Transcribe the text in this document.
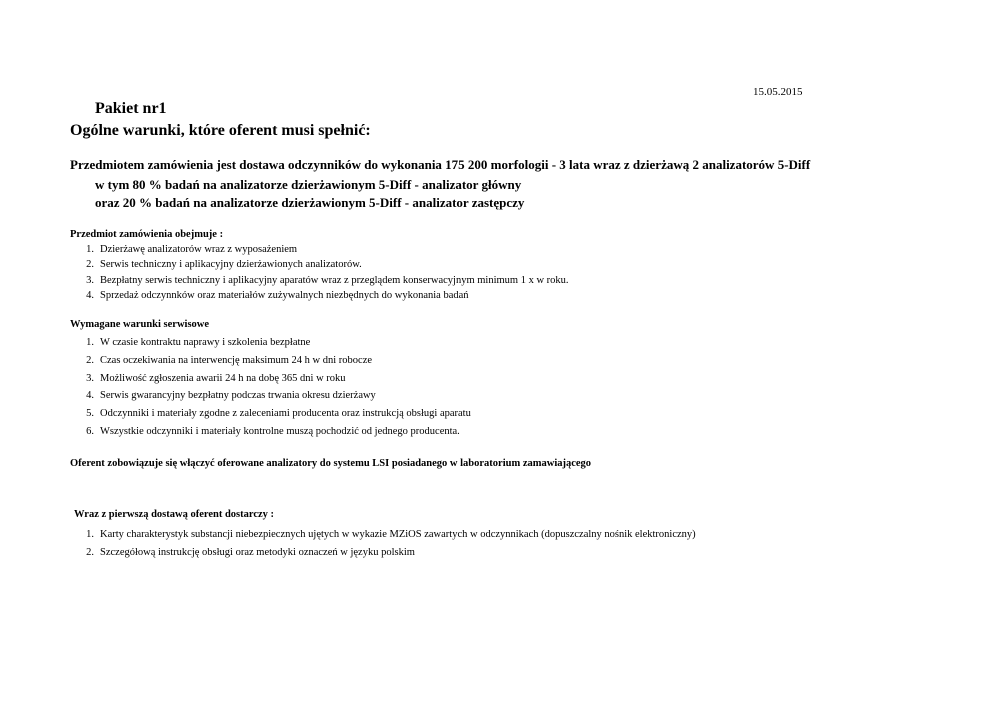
15.05.2015
Pakiet nr1
Ogólne warunki, które oferent musi spełnić:
Przedmiotem zamówienia jest dostawa odczynników do wykonania 175 200 morfologii - 3 lata wraz z dzierżawą 2 analizatorów 5-Diff
w tym 80 % badań na analizatorze dzierżawionym 5-Diff - analizator główny
oraz 20 % badań na analizatorze dzierżawionym 5-Diff - analizator zastępczy
Przedmiot zamówienia obejmuje :
1. Dzierżawę analizatorów wraz z wyposażeniem
2. Serwis techniczny i aplikacyjny dzierżawionych analizatorów.
3. Bezpłatny serwis techniczny i aplikacyjny aparatów wraz z przeglądem konserwacyjnym minimum 1 x w roku.
4. Sprzedaż odczynnków oraz materiałów zużywalnych niezbędnych do wykonania badań
Wymagane warunki serwisowe
1. W czasie kontraktu naprawy i szkolenia bezpłatne
2. Czas oczekiwania na interwencję maksimum 24 h w dni robocze
3. Możliwość zgłoszenia awarii 24 h na dobę 365 dni w roku
4. Serwis gwarancyjny bezpłatny podczas trwania okresu dzierżawy
5. Odczynniki i materiały zgodne z zaleceniami producenta oraz instrukcją obsługi aparatu
6. Wszystkie odczynniki i materiały kontrolne muszą pochodzić od jednego producenta.
Oferent zobowiązuje się włączyć oferowane analizatory do systemu LSI posiadanego w laboratorium zamawiającego
Wraz z pierwszą dostawą oferent dostarczy :
1. Karty charakterystyk substancji niebezpiecznych ujętych w wykazie MZiOS zawartych w odczynnikach (dopuszczalny nośnik elektroniczny)
2. Szczegółową instrukcję obsługi oraz metodyki oznaczeń w języku polskim
